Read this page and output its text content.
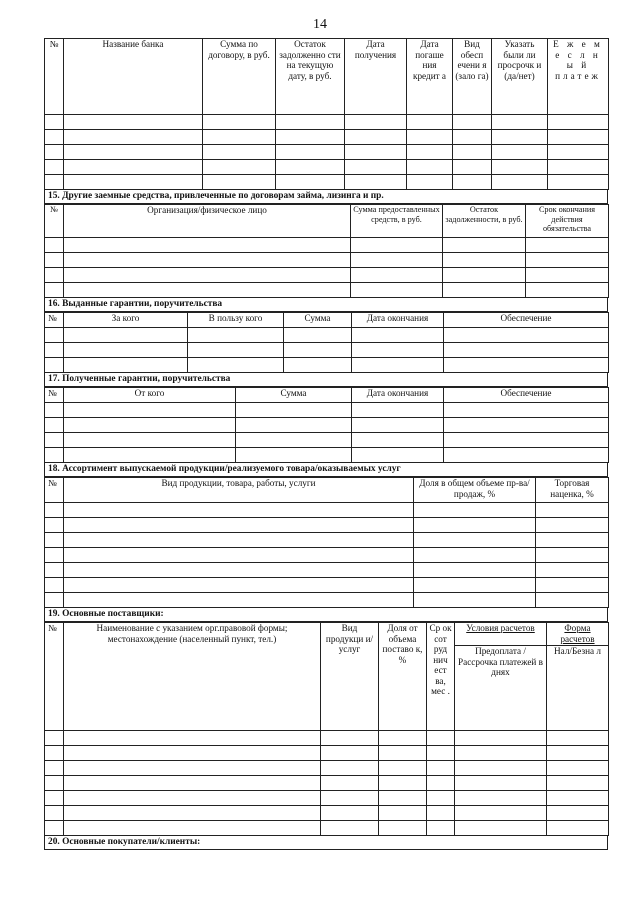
14
№	Название банка	Сумма по договору, в руб.	Остаток задолженно сти на текущую дату, в руб.	Дата получения	Дата погаше ния кредит а	Вид обесп ечени я (зало га)	Указать были ли просрочк и (да/нет)	Е ж е м е с л н ы й платеж

15. Другие заемные средства, привлеченные по договорам займа, лизинга и пр.
№	Организация/физическое лицо	Сумма предоставленных средств, в руб.	Остаток задолженности, в руб.	Срок окончания действия обязательства

16. Выданные гарантии, поручительства
№	За кого	В пользу кого	Сумма	Дата окончания	Обеспечение

17. Полученные гарантии, поручительства
№	От кого	Сумма	Дата окончания	Обеспечение

18. Ассортимент выпускаемой продукции/реализуемого товара/оказываемых услуг
№	Вид продукции, товара, работы, услуги	Доля в общем объеме пр-ва/продаж, %	Торговая наценка, %

19. Основные поставщики:
№	Наименование с указанием орг.правовой формы; местонахождение (населенный пункт, тел.)	Вид продукци и/услуг	Доля от объема поставо к, %	Ср ок сот руд нич ест ва, мес .	Условия расчетов	Форма расчетов
					Предоплата / Рассрочка платежей в днях	Нал/Безна л

20. Основные покупатели/клиенты:
